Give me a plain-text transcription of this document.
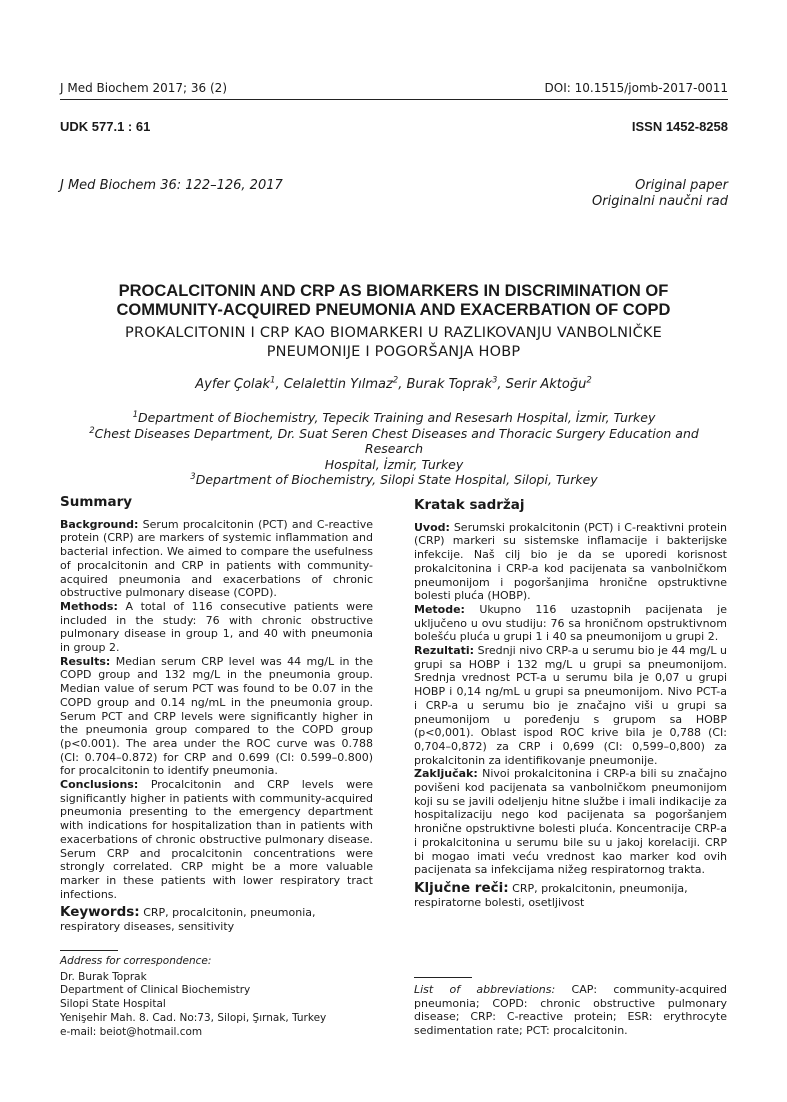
J Med Biochem 2017; 36 (2)	DOI: 10.1515/jomb-2017-0011
UDK 577.1 : 61	ISSN 1452-8258
J Med Biochem 36: 122–126, 2017	Original paper
Originalni naučni rad
PROCALCITONIN AND CRP AS BIOMARKERS IN DISCRIMINATION OF
COMMUNITY-ACQUIRED PNEUMONIA AND EXACERBATION OF COPD
PROKALCITONIN I CRP KAO BIOMARKERI U RAZLIKOVANJU VANBOLNIČKE
PNEUMONIJE I POGORŠANJA HOBP
Ayfer Çolak$^1$, Celalettin Yılmaz$^2$, Burak Toprak$^3$, Serir Aktoğu$^2$
$^1$Department of Biochemistry, Tepecik Training and Resesarh Hospital, İzmir, Turkey
$^2$Chest Diseases Department, Dr. Suat Seren Chest Diseases and Thoracic Surgery Education and Research
Hospital, İzmir, Turkey
$^3$Department of Biochemistry, Silopi State Hospital, Silopi, Turkey
Summary

Background: Serum procalcitonin (PCT) and C-reactive protein (CRP) are markers of systemic inflammation and bacterial infection. We aimed to compare the usefulness of procalcitonin and CRP in patients with community-acquired pneumonia and exacerbations of chronic obstructive pulmonary disease (COPD).

Methods: A total of 116 consecutive patients were included in the study: 76 with chronic obstructive pulmonary disease in group 1, and 40 with pneumonia in group 2.

Results: Median serum CRP level was 44 mg/L in the COPD group and 132 mg/L in the pneumonia group. Median value of serum PCT was found to be 0.07 in the COPD group and 0.14 ng/mL in the pneumonia group. Serum PCT and CRP levels were significantly higher in the pneumonia group compared to the COPD group (p<0.001). The area under the ROC curve was 0.788 (CI: 0.704–0.872) for CRP and 0.699 (CI: 0.599–0.800) for procalcitonin to identify pneumonia.

Conclusions: Procalcitonin and CRP levels were significantly higher in patients with community-acquired pneumonia presenting to the emergency department with indications for hospitalization than in patients with exacerbations of chronic obstructive pulmonary disease. Serum CRP and procalcitonin concentrations were strongly correlated. CRP might be a more valuable marker in these patients with lower respiratory tract infections.

Keywords: CRP, procalcitonin, pneumonia, respiratory diseases, sensitivity

Kratak sadržaj

Uvod: Serumski prokalcitonin (PCT) i C-reaktivni protein (CRP) markeri su sistemske inflamacije i bakterijske infekcije. Naš cilj bio je da se uporedi korisnost prokalcitonina i CRP-a kod pacijenata sa vanbolničkom pneumonijom i pogoršanjima hronične opstruktivne bolesti pluća (HOBP).

Metode: Ukupno 116 uzastopnih pacijenata je uključeno u ovu studiju: 76 sa hroničnom opstruktivnom bolešću pluća u grupi 1 i 40 sa pneumonijom u grupi 2.

Rezultati: Srednji nivo CRP-a u serumu bio je 44 mg/L u grupi sa HOBP i 132 mg/L u grupi sa pneumonijom. Srednja vrednost PCT-a u serumu bila je 0,07 u grupi HOBP i 0,14 ng/mL u grupi sa pneumonijom. Nivo PCT-a i CRP-a u serumu bio je značajno viši u grupi sa pneumonijom u poređenju s grupom sa HOBP (p<0,001). Oblast ispod ROC krive bila je 0,788 (CI: 0,704–0,872) za CRP i 0,699 (CI: 0,599–0,800) za prokalcitonin za identifikovanje pneumonije.

Zaključak: Nivoi prokalcitonina i CRP-a bili su značajno povišeni kod pacijenata sa vanbolničkom pneumonijom koji su se javili odeljenju hitne službe i imali indikacije za hospitalizaciju nego kod pacijenata sa pogoršanjem hronične opstruktivne bolesti pluća. Koncentracije CRP-a i prokalcitonina u serumu bile su u jakoj korelaciji. CRP bi mogao imati veću vrednost kao marker kod ovih pacijenata sa infekcijama nižeg respiratornog trakta.

Ključne reči: CRP, prokalcitonin, pneumonija, respiratorne bolesti, osetljivost

Address for correspondence:
Dr. Burak Toprak
Department of Clinical Biochemistry
Silopi State Hospital
Yenişehir Mah. 8. Cad. No:73, Silopi, Şırnak, Turkey
e-mail: beiot@hotmail.com
List of abbreviations: CAP: community-acquired pneumonia; COPD: chronic obstructive pulmonary disease; CRP: C-reactive protein; ESR: erythrocyte sedimentation rate; PCT: procalcitonin.
